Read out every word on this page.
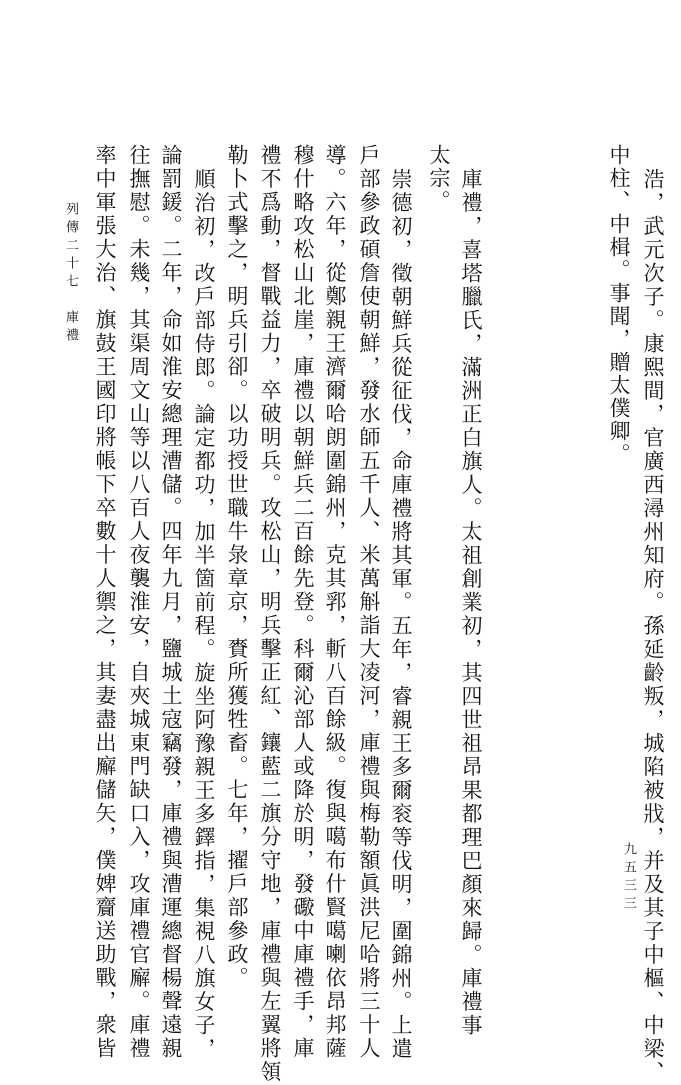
九五三三 浩，武元次子。康熙間，官廣西潯州知府。孫延齡叛，城陷被戕，并及其子中樞、中梁、
中柱、中楫。事聞，贈太僕卿。
庫禮，喜塔臘氏，滿洲正白旗人。太祖創業初，其四世祖昂果都理巴顏來歸。庫禮事
太宗。
崇德初，徵朝鮮兵從征伐，命庫禮將其軍。五年，睿親王多爾衮等伐明，圍錦州。上遣
戶部參政碩詹使朝鮮，發水師五千人、米萬斛詣大凌河，庫禮與梅勒額眞洪尼哈將三十人
導。六年，從鄭親王濟爾哈朗圍錦州，克其郛，斬八百餘級。復與噶布什賢噶喇依昂邦薩
穆什略攻松山北崖，庫禮以朝鮮兵二百餘先登。科爾沁部人或降於明，發礮中庫禮手，庫
禮不爲動，督戰益力，卒破明兵。攻松山，明兵擊正紅、鑲藍二旗分守地，庫禮與左翼將領
勒卜式擊之，明兵引卻。以功授世職牛彔章京，賚所獲牲畜。七年，擢戶部參政。
順治初，改戶部侍郎。論定都功，加半箇前程。旋坐阿豫親王多鐸指，集視八旗女子，
論罰鍰。二年，命如淮安總理漕儲。四年九月，鹽城土寇竊發，庫禮與漕運總督楊聲遠親
往撫慰。未幾，其渠周文山等以八百人夜襲淮安，自夾城東門缺口入，攻庫禮官廨。庫禮
率中軍張大治、旗鼓王國印將帳下卒數十人禦之，其妻盡出廨儲矢，僕婢齎送助戰，衆皆
列傳二十七　庫禮
